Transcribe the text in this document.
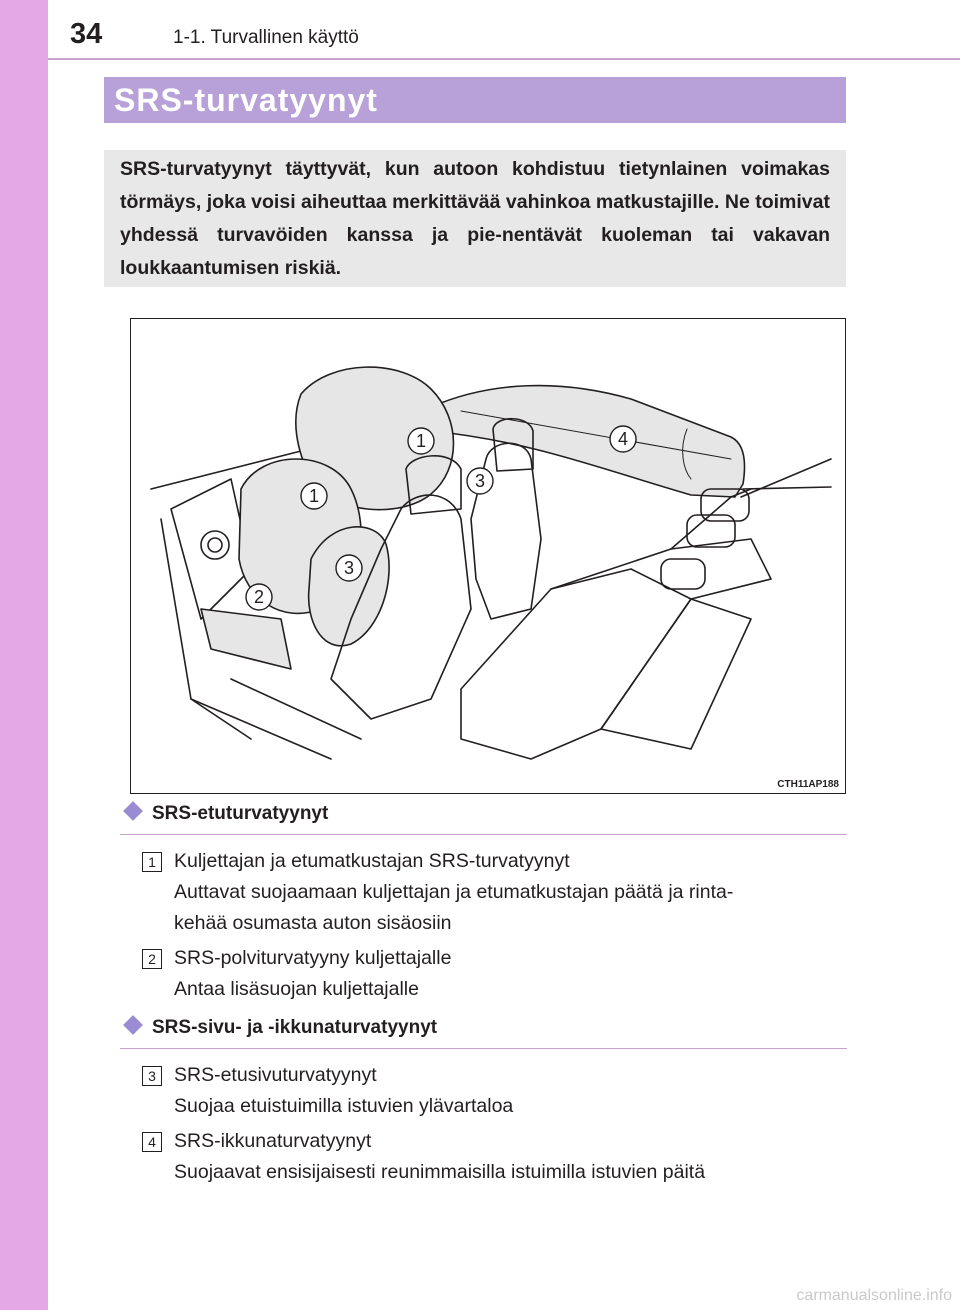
34	1-1. Turvallinen käyttö
SRS-turvatyynyt
SRS-turvatyynyt täyttyvät, kun autoon kohdistuu tietynlainen voimakas törmäys, joka voisi aiheuttaa merkittävää vahinkoa matkustajille. Ne toimivat yhdessä turvavöiden kanssa ja pie-nentävät kuoleman tai vakavan loukkaantumisen riskiä.
1
1
2
3
3
4
CTH11AP188
SRS-etuturvatyynyt
1 Kuljettajan ja etumatkustajan SRS-turvatyynyt
Auttavat suojaamaan kuljettajan ja etumatkustajan päätä ja rinta-
kehää osumasta auton sisäosiin
2 SRS-polviturvatyyny kuljettajalle
Antaa lisäsuojan kuljettajalle
SRS-sivu- ja -ikkunaturvatyynyt
3 SRS-etusivuturvatyynyt
Suojaa etuistuimilla istuvien ylävartaloa
4 SRS-ikkunaturvatyynyt
Suojaavat ensisijaisesti reunimmaisilla istuimilla istuvien päitä
carmanualsonline.info
